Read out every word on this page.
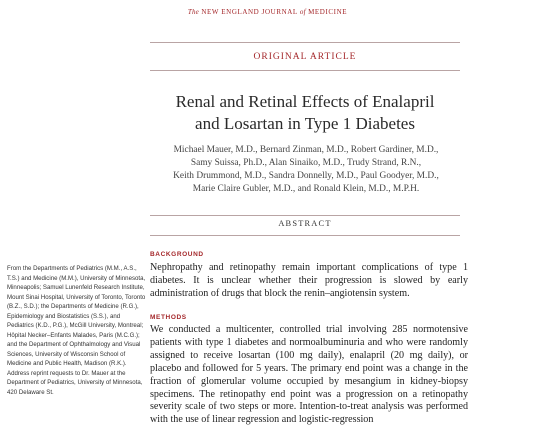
The NEW ENGLAND JOURNAL of MEDICINE
ORIGINAL ARTICLE
Renal and Retinal Effects of Enalapril
and Losartan in Type 1 Diabetes
Michael Mauer, M.D., Bernard Zinman, M.D., Robert Gardiner, M.D.,
Samy Suissa, Ph.D., Alan Sinaiko, M.D., Trudy Strand, R.N.,
Keith Drummond, M.D., Sandra Donnelly, M.D., Paul Goodyer, M.D.,
Marie Claire Gubler, M.D., and Ronald Klein, M.D., M.P.H.
ABSTRACT
BACKGROUND
Nephropathy and retinopathy remain important complications of type 1 diabetes. It is unclear whether their progression is slowed by early administration of drugs that block the renin–angiotensin system.
METHODS
We conducted a multicenter, controlled trial involving 285 normotensive patients with type 1 diabetes and normoalbuminuria and who were randomly assigned to receive losartan (100 mg daily), enalapril (20 mg daily), or placebo and followed for 5 years. The primary end point was a change in the fraction of glomerular volume occupied by mesangium in kidney-biopsy specimens. The retinopathy end point was a progression on a retinopathy severity scale of two steps or more. Intention-to-treat analysis was performed with the use of linear regression and logistic-regression
From the Departments of Pediatrics (M.M., A.S., T.S.) and Medicine (M.M.), University of Minnesota, Minneapolis; Samuel Lunenfeld Research Institute, Mount Sinai Hospital, University of Toronto, Toronto (B.Z., S.D.); the Departments of Medicine (R.G.), Epidemiology and Biostatistics (S.S.), and Pediatrics (K.D., P.G.), McGill University, Montreal; Hôpital Necker–Enfants Malades, Paris (M.C.G.); and the Department of Ophthalmology and Visual Sciences, University of Wisconsin School of Medicine and Public Health, Madison (R.K.). Address reprint requests to Dr. Mauer at the Department of Pediatrics, University of Minnesota, 420 Delaware St.
